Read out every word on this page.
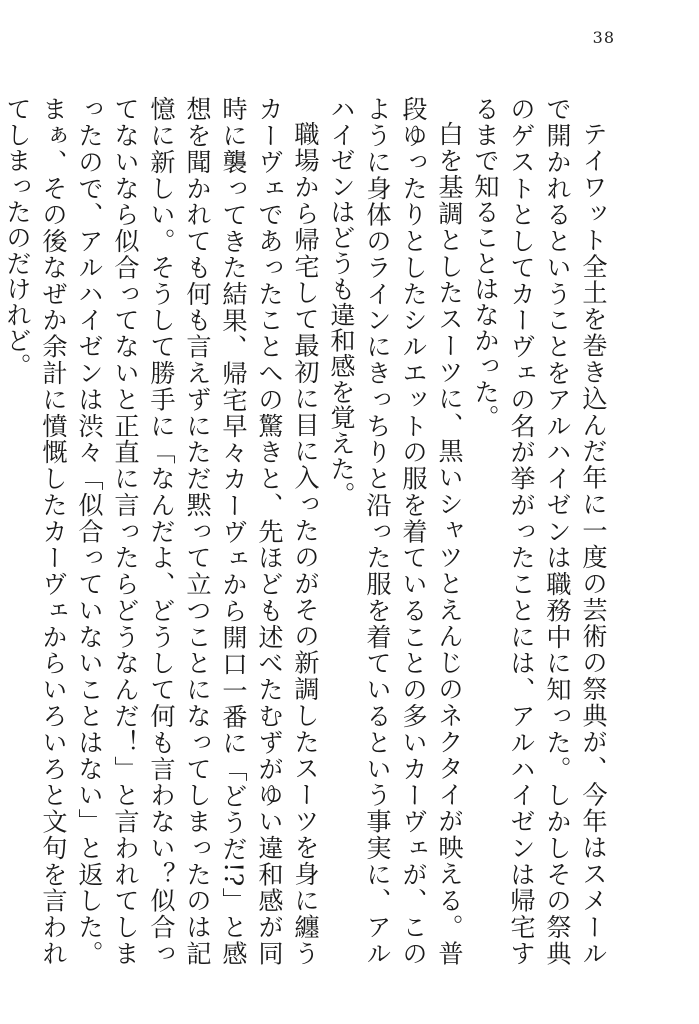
38

テイワット全土を巻き込んだ年に一度の芸術の祭典が、今年はスメールで開かれるということをアルハイゼンは職務中に知った。しかしその祭典のゲストとしてカーヴェの名が挙がったことには、アルハイゼンは帰宅するまで知ることはなかった。

白を基調としたスーツに、黒いシャツとえんじのネクタイが映える。普段ゆったりとしたシルエットの服を着ていることの多いカーヴェが、このように身体のラインにきっちりと沿った服を着ているという事実に、アルハイゼンはどうも違和感を覚えた。

職場から帰宅して最初に目に入ったのがその新調したスーツを身に纏うカーヴェであったことへの驚きと、先ほども述べたむずがゆい違和感が同時に襲ってきた結果、帰宅早々カーヴェから開口一番に「どうだ!?」と感想を聞かれても何も言えずにただ黙って立つことになってしまったのは記憶に新しい。そうして勝手に「なんだよ、どうして何も言わない？似合ってないなら似合ってないと正直に言ったらどうなんだ！」と言われてしまったので、アルハイゼンは渋々「似合っていないことはない」と返した。まぁ、その後なぜか余計に憤慨したカーヴェからいろいろと文句を言われてしまったのだけれど。
